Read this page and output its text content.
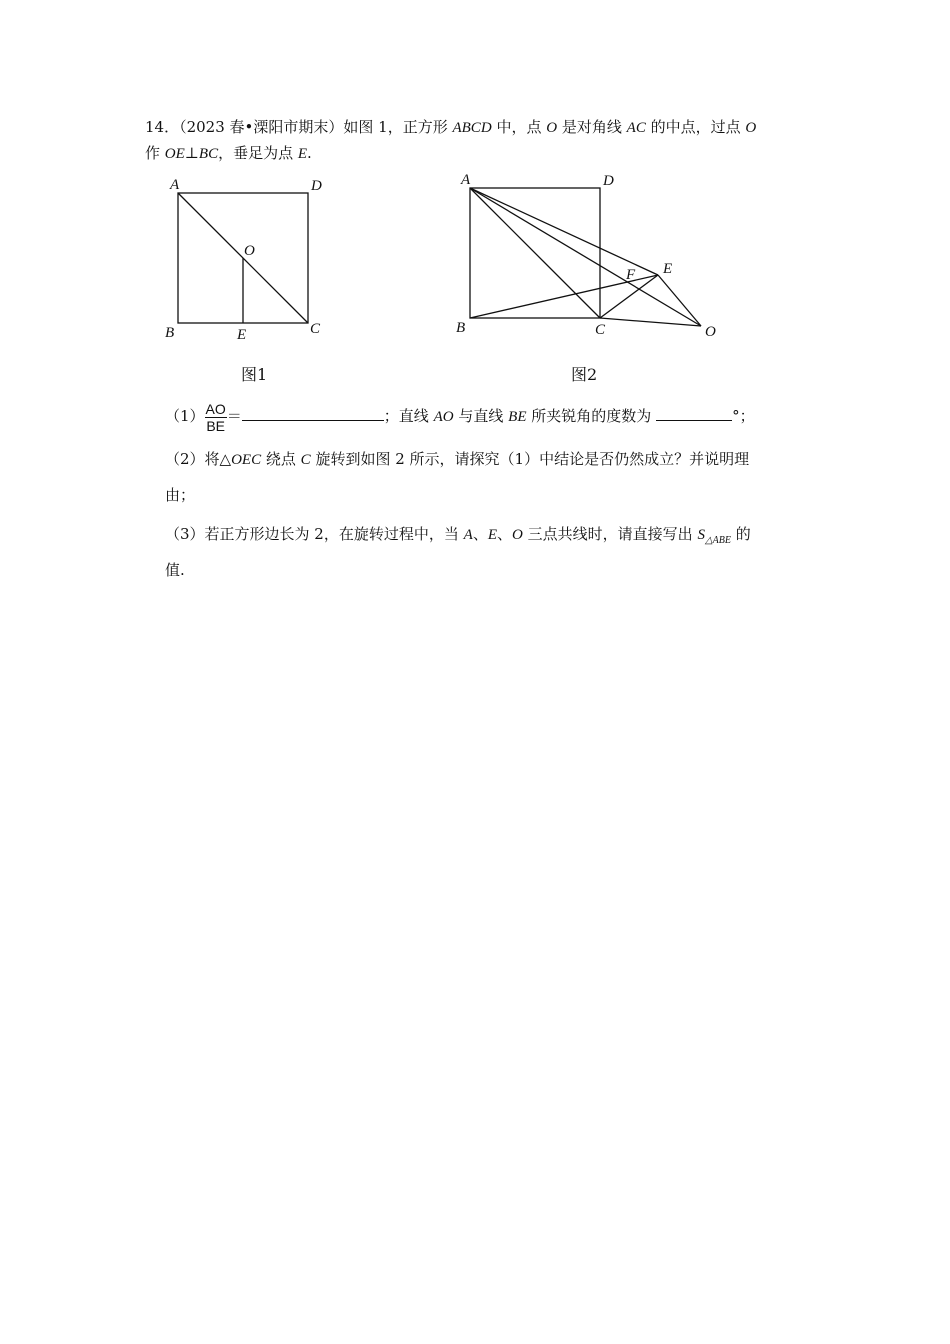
14．（2023 春•溧阳市期末）如图 1，正方形 ABCD 中，点 O 是对角线 AC 的中点，过点 O
作 OE⊥BC，垂足为点 E.
A	D
O
B	E	C
图1
A	D
F E
B	C	O
图2
$(1) \frac{AO}{BE}$ ＝	；直线 AO 与直线 BE 所夹锐角的度数为	°；
（2）将△OEC 绕点 C 旋转到如图 2 所示，请探究（1）中结论是否仍然成立？并说明理
由；
（3）若正方形边长为 2，在旋转过程中，当 A、E、O 三点共线时，请直接写出 $S_{\triangle ABE}$ 的
值.
